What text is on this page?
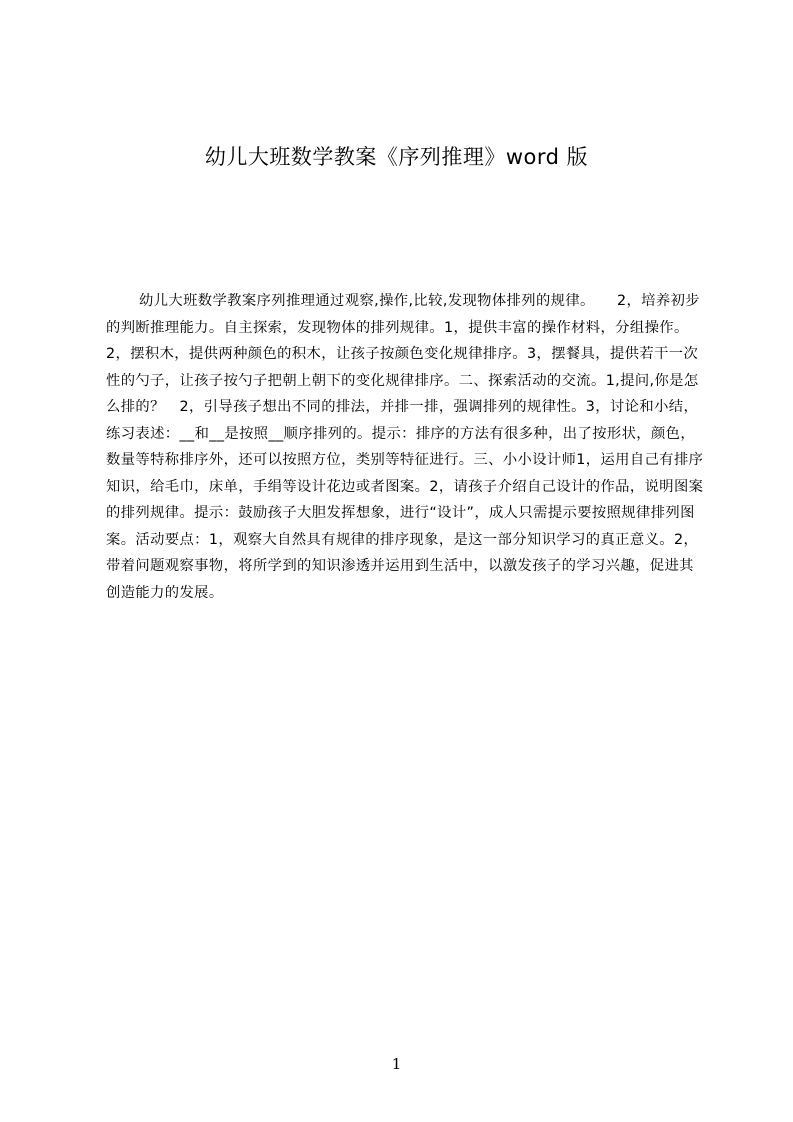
幼儿大班数学教案《序列推理》word 版

幼儿大班数学教案序列推理通过观察,操作,比较,发现物体排列的规律。　　2，培养初步的判断推理能力。自主探索，发现物体的排列规律。1，提供丰富的操作材料，分组操作。2，摆积木，提供两种颜色的积木，让孩子按颜色变化规律排序。3，摆餐具，提供若干一次性的勺子，让孩子按勺子把朝上朝下的变化规律排序。二、探索活动的交流。1,提问,你是怎么排的？　2，引导孩子想出不同的排法，并排一排，强调排列的规律性。3，讨论和小结，练习表述：__和__是按照__顺序排列的。提示：排序的方法有很多种，出了按形状，颜色，数量等特称排序外，还可以按照方位，类别等特征进行。三、小小设计师1，运用自己有排序知识，给毛巾，床单，手绢等设计花边或者图案。2，请孩子介绍自己设计的作品，说明图案的排列规律。提示：鼓励孩子大胆发挥想象，进行“设计”，成人只需提示要按照规律排列图案。活动要点：1，观察大自然具有规律的排序现象，是这一部分知识学习的真正意义。2，带着问题观察事物，将所学到的知识渗透并运用到生活中，以激发孩子的学习兴趣，促进其创造能力的发展。

1
